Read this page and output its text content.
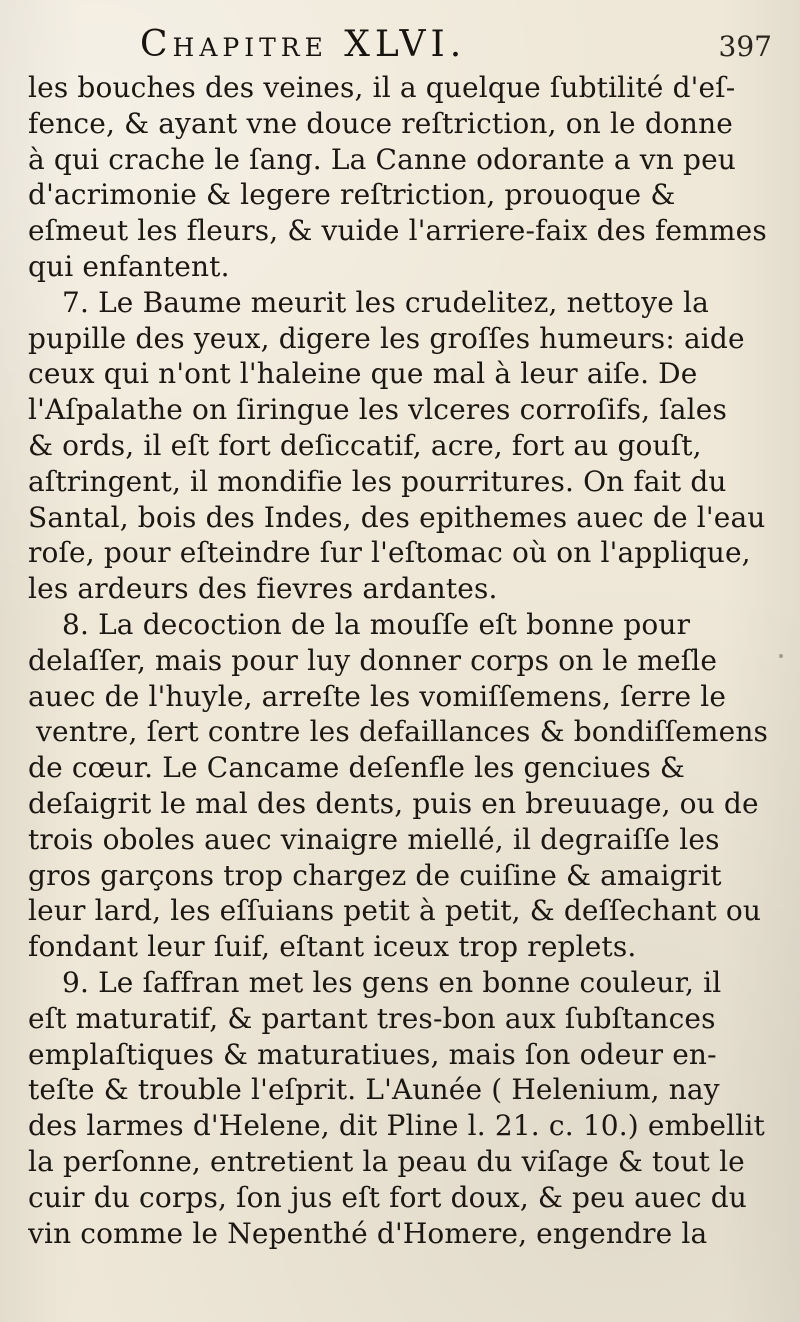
Chapitre XLVI.	397
les bouches des veines, il a quelque ſubtilité d'eſ-
fence, & ayant vne douce reſtriction, on le donne
à qui crache le ſang. La Canne odorante a vn peu
d'acrimonie & legere reſtriction, prouoque &
eſmeut les fleurs, & vuide l'arriere-faix des femmes
qui enfantent.
7. Le Baume meurit les crudelitez, nettoye la
pupille des yeux, digere les groſſes humeurs: aide
ceux qui n'ont l'haleine que mal à leur aiſe. De
l'Aſpalathe on ſiringue les vlceres corroſifs, ſales
& ords, il eſt fort deſiccatif, acre, fort au gouſt,
aſtringent, il mondifie les pourritures. On fait du
Santal, bois des Indes, des epithemes auec de l'eau
roſe, pour eſteindre ſur l'eſtomac où on l'applique,
les ardeurs des fievres ardantes.
8. La decoction de la mouſſe eſt bonne pour
delaſſer, mais pour luy donner corps on le meſle
auec de l'huyle, arreſte les vomiſſemens, ſerre le
ventre, ſert contre les defaillances & bondiſſemens
de cœur. Le Cancame deſenfle les genciues &
deſaigrit le mal des dents, puis en breuuage, ou de
trois oboles auec vinaigre miellé, il degraiſſe les
gros garçons trop chargez de cuiſine & amaigrit
leur lard, les eſſuians petit à petit, & deſſechant ou
fondant leur ſuif, eſtant iceux trop replets.
9. Le ſaffran met les gens en bonne couleur, il
eſt maturatif, & partant tres-bon aux ſubſtances
emplaſtiques & maturatiues, mais ſon odeur en-
teſte & trouble l'eſprit. L'Aunée ( Helenium, nay
des larmes d'Helene, dit Pline l. 21. c. 10.) embellit
la perſonne, entretient la peau du viſage & tout le
cuir du corps, ſon jus eſt fort doux, & peu auec du
vin comme le Nepenthé d'Homere, engendre la
